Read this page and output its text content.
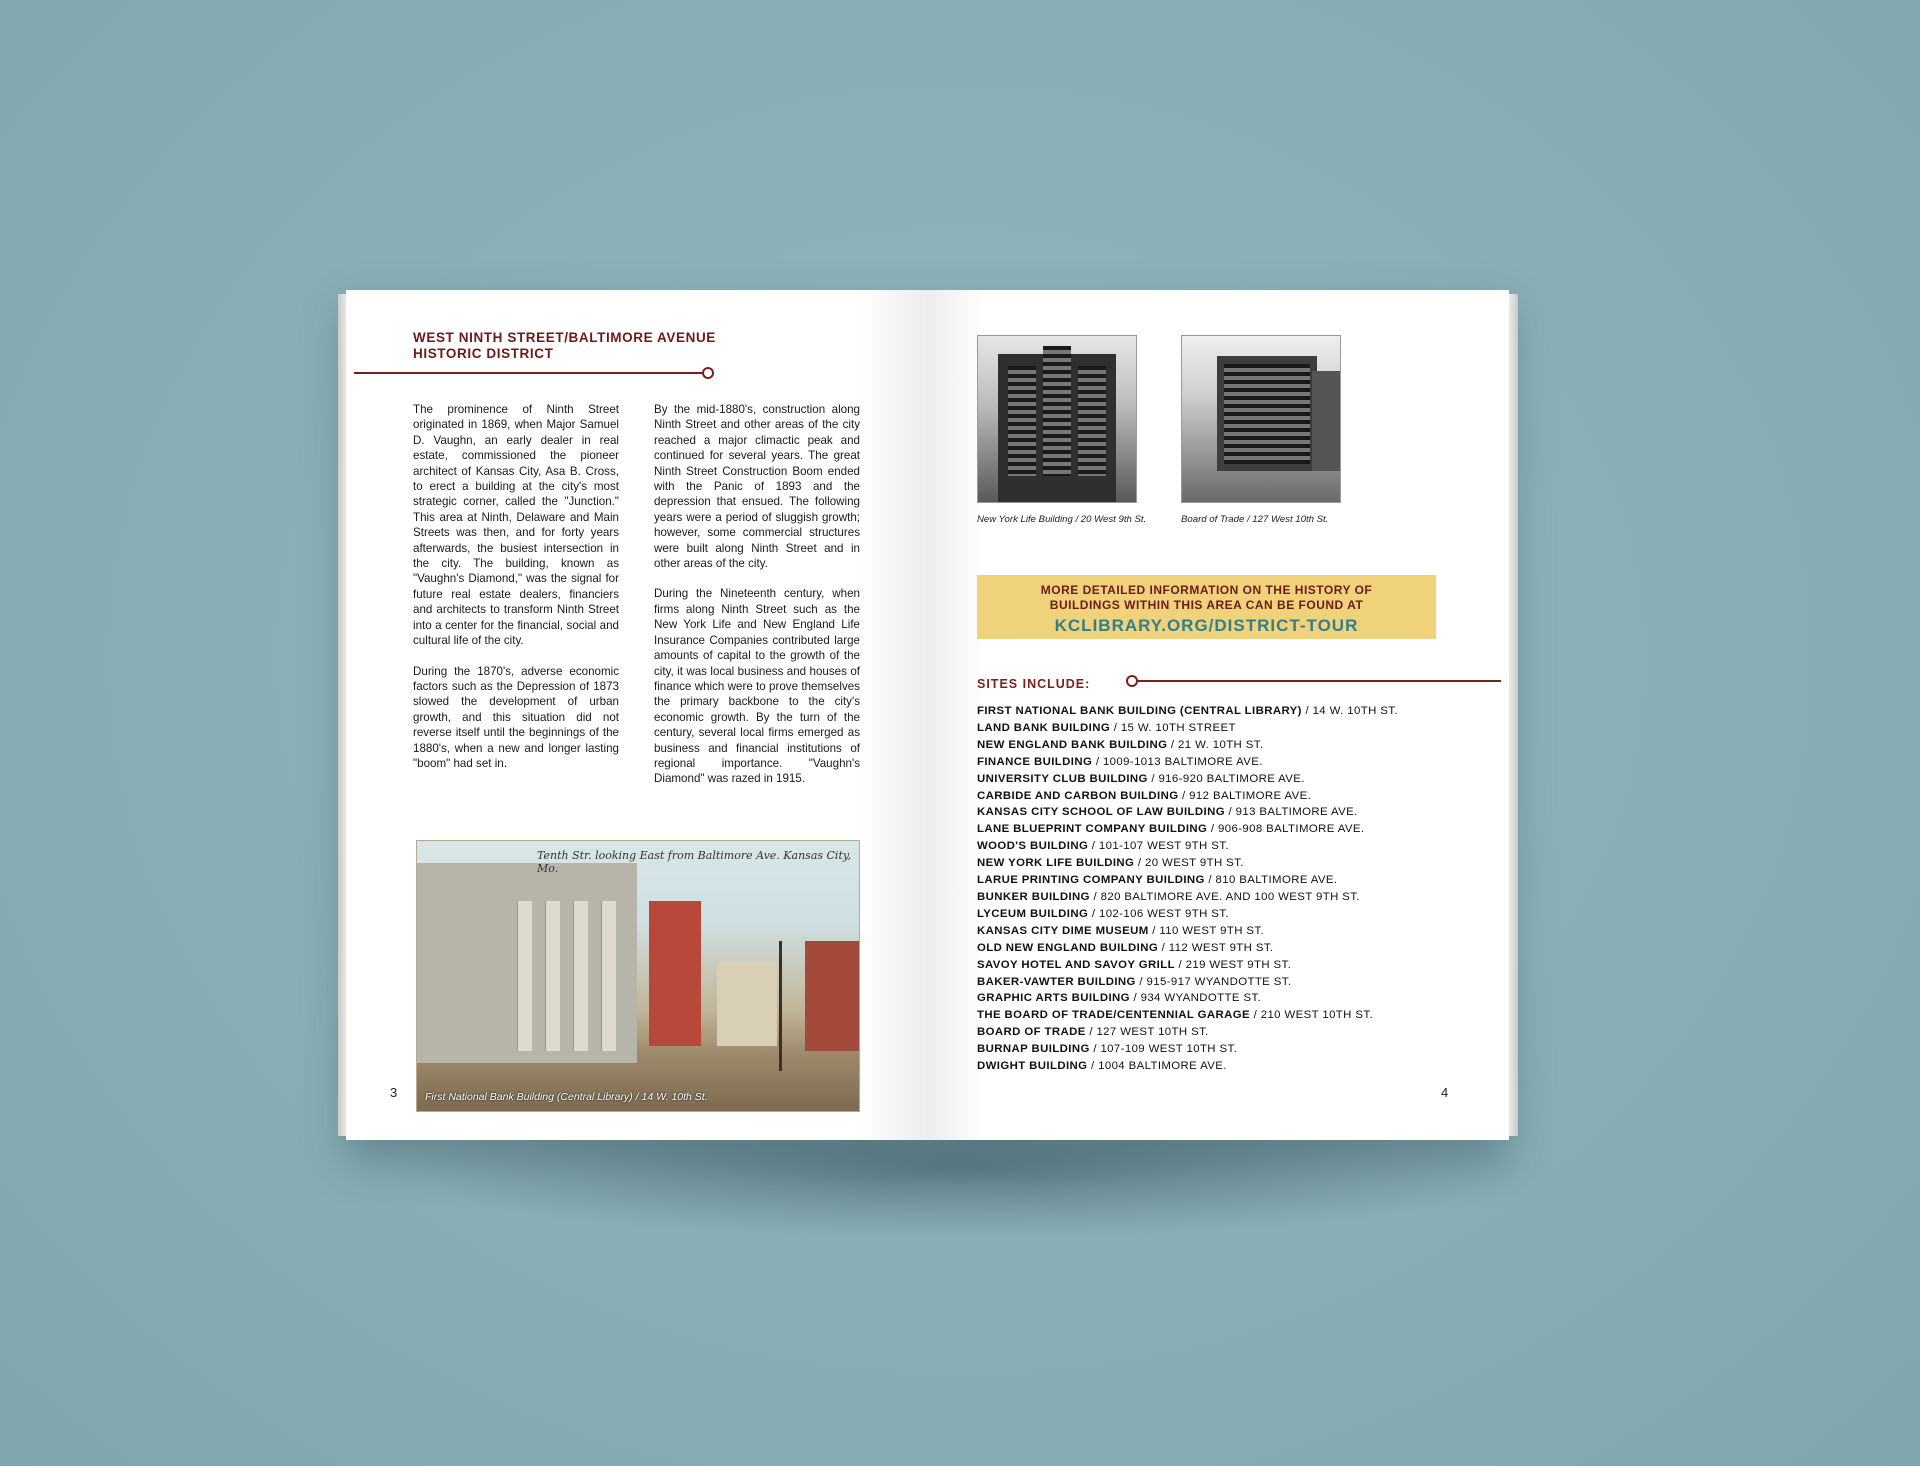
WEST NINTH STREET/BALTIMORE AVENUE
HISTORIC DISTRICT

The prominence of Ninth Street originated in 1869, when Major Samuel D. Vaughn, an early dealer in real estate, commissioned the pioneer architect of Kansas City, Asa B. Cross, to erect a building at the city's most strategic corner, called the "Junction." This area at Ninth, Delaware and Main Streets was then, and for forty years afterwards, the busiest intersection in the city. The building, known as "Vaughn's Diamond," was the signal for future real estate dealers, financiers and architects to transform Ninth Street into a center for the financial, social and cultural life of the city.

During the 1870's, adverse economic factors such as the Depression of 1873 slowed the development of urban growth, and this situation did not reverse itself until the beginnings of the 1880's, when a new and longer lasting "boom" had set in.

By the mid-1880's, construction along Ninth Street and other areas of the city reached a major climactic peak and continued for several years. The great Ninth Street Construction Boom ended with the Panic of 1893 and the depression that ensued. The following years were a period of sluggish growth; however, some commercial structures were built along Ninth Street and in other areas of the city.

During the Nineteenth century, when firms along Ninth Street such as the New York Life and New England Life Insurance Companies contributed large amounts of capital to the growth of the city, it was local business and houses of finance which were to prove themselves the primary backbone to the city's economic growth. By the turn of the century, several local firms emerged as business and financial institutions of regional importance. "Vaughn's Diamond" was razed in 1915.

Tenth Str. looking East from Baltimore Ave. Kansas City, Mo.
First National Bank Building (Central Library) / 14 W. 10th St.
3
New York Life Building / 20 West 9th St.	Board of Trade / 127 West 10th St.
MORE DETAILED INFORMATION ON THE HISTORY OF
BUILDINGS WITHIN THIS AREA CAN BE FOUND AT
KCLIBRARY.ORG/DISTRICT-TOUR
SITES INCLUDE:
FIRST NATIONAL BANK BUILDING (CENTRAL LIBRARY) / 14 W. 10TH ST.
LAND BANK BUILDING / 15 W. 10TH STREET
NEW ENGLAND BANK BUILDING / 21 W. 10TH ST.
FINANCE BUILDING / 1009-1013 BALTIMORE AVE.
UNIVERSITY CLUB BUILDING / 916-920 BALTIMORE AVE.
CARBIDE AND CARBON BUILDING / 912 BALTIMORE AVE.
KANSAS CITY SCHOOL OF LAW BUILDING / 913 BALTIMORE AVE.
LANE BLUEPRINT COMPANY BUILDING / 906-908 BALTIMORE AVE.
WOOD'S BUILDING / 101-107 WEST 9TH ST.
NEW YORK LIFE BUILDING / 20 WEST 9TH ST.
LARUE PRINTING COMPANY BUILDING / 810 BALTIMORE AVE.
BUNKER BUILDING / 820 BALTIMORE AVE. AND 100 WEST 9TH ST.
LYCEUM BUILDING / 102-106 WEST 9TH ST.
KANSAS CITY DIME MUSEUM / 110 WEST 9TH ST.
OLD NEW ENGLAND BUILDING / 112 WEST 9TH ST.
SAVOY HOTEL AND SAVOY GRILL / 219 WEST 9TH ST.
BAKER-VAWTER BUILDING / 915-917 WYANDOTTE ST.
GRAPHIC ARTS BUILDING / 934 WYANDOTTE ST.
THE BOARD OF TRADE/CENTENNIAL GARAGE / 210 WEST 10TH ST.
BOARD OF TRADE / 127 WEST 10TH ST.
BURNAP BUILDING / 107-109 WEST 10TH ST.
DWIGHT BUILDING / 1004 BALTIMORE AVE.
4
